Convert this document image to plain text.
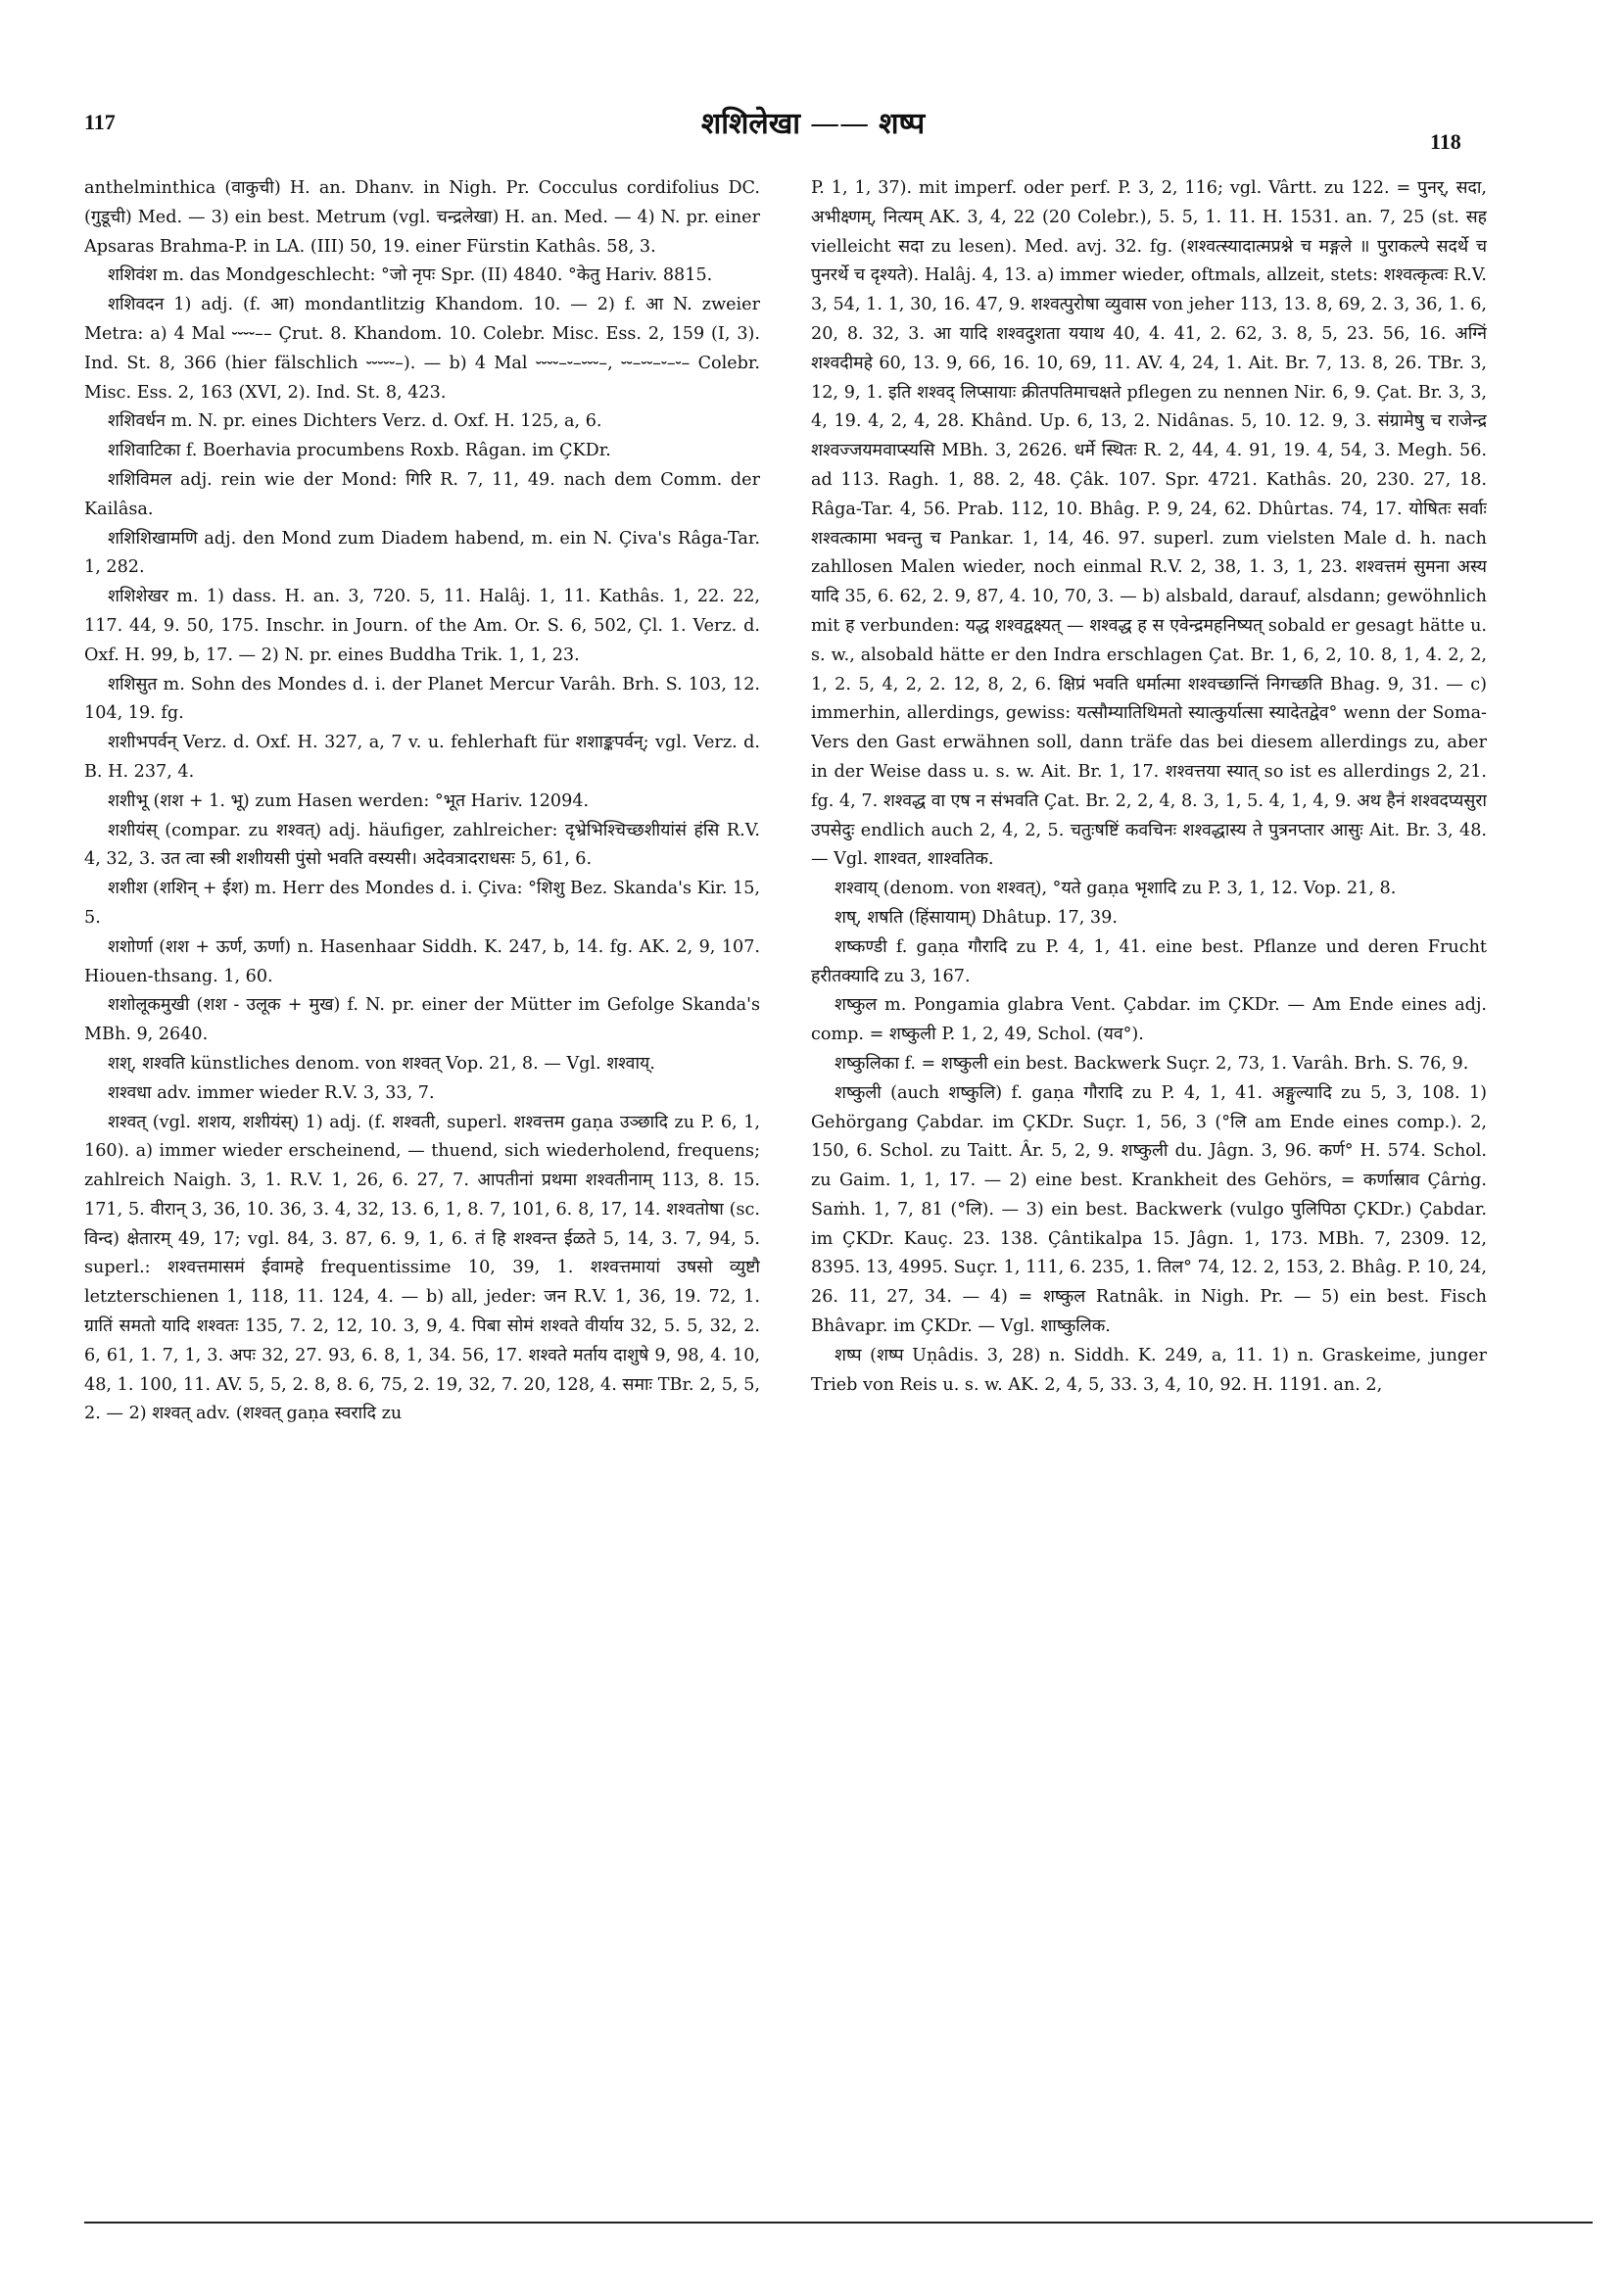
117	शशिलेखा —— शष्प
118

anthelminthica (वाकुची) H. an. Dhanv. in Nigh. Pr. Cocculus cordifolius DC. (गुडूची) Med. — 3) ein best. Metrum (vgl. चन्द्रलेखा) H. an. Med. — 4) N. pr. einer Apsaras Brahma-P. in LA. (III) 50, 19. einer Fürstin Kathâs. 58, 3.

शशिवंश m. das Mondgeschlecht: °जो नृपः Spr. (II) 4840. °केतु Hariv. 8815.

शशिवदन 1) adj. (f. आ) mondantlitzig Khandom. 10. — 2) f. आ N. zweier Metra: a) 4 Mal ⏑⏑⏑⏑–– Çrut. 8. Khandom. 10. Colebr. Misc. Ess. 2, 159 (I, 3). Ind. St. 8, 366 (hier fälschlich ⏑⏑⏑⏑⏑–). — b) 4 Mal ⏑⏑⏑⏑–⏑–⏑⏑⏑–, ⏑⏑–⏑⏑–⏑–⏑– Colebr. Misc. Ess. 2, 163 (XVI, 2). Ind. St. 8, 423.

शशिवर्धन m. N. pr. eines Dichters Verz. d. Oxf. H. 125, a, 6.

शशिवाटिका f. Boerhavia procumbens Roxb. Râgan. im ÇKDr.

शशिविमल adj. rein wie der Mond: गिरि R. 7, 11, 49. nach dem Comm. der Kailâsa.

शशिशिखामणि adj. den Mond zum Diadem habend, m. ein N. Çiva's Râga-Tar. 1, 282.

शशिशेखर m. 1) dass. H. an. 3, 720. 5, 11. Halâj. 1, 11. Kathâs. 1, 22. 22, 117. 44, 9. 50, 175. Inschr. in Journ. of the Am. Or. S. 6, 502, Çl. 1. Verz. d. Oxf. H. 99, b, 17. — 2) N. pr. eines Buddha Trik. 1, 1, 23.

शशिसुत m. Sohn des Mondes d. i. der Planet Mercur Varâh. Brh. S. 103, 12. 104, 19. fg.

शशीभपर्वन् Verz. d. Oxf. H. 327, a, 7 v. u. fehlerhaft für शशाङ्कपर्वन्; vgl. Verz. d. B. H. 237, 4.

शशीभू (शश + 1. भू) zum Hasen werden: °भूत Hariv. 12094.

शशीयंस् (compar. zu शश्वत्) adj. häufiger, zahlreicher: दृभ्रेभिश्चिच्छशीयांसं हंसि R.V. 4, 32, 3. उत त्वा स्त्री शशीयसी पुंसो भवति वस्यसी। अदेवत्रादराधसः 5, 61, 6.

शशीश (शशिन् + ईश) m. Herr des Mondes d. i. Çiva: °शिशु Bez. Skanda's Kir. 15, 5.

शशोर्णा (शश + ऊर्ण, ऊर्णा) n. Hasenhaar Siddh. K. 247, b, 14. fg. AK. 2, 9, 107. Hiouen-thsang. 1, 60.

शशोलूकमुखी (शश - उलूक + मुख) f. N. pr. einer der Mütter im Gefolge Skanda's MBh. 9, 2640.

शश्, शश्वति künstliches denom. von शश्वत् Vop. 21, 8. — Vgl. शश्वाय्.

शश्वधा adv. immer wieder R.V. 3, 33, 7.

शश्वत् (vgl. शशय, शशीयंस्) 1) adj. (f. शश्वती, superl. शश्वत्तम gaṇa उञ्छादि zu P. 6, 1, 160). a) immer wieder erscheinend, — thuend, sich wiederholend, frequens; zahlreich Naigh. 3, 1. R.V. 1, 26, 6. 27, 7. आपतीनां प्रथमा शश्वतीनाम् 113, 8. 15. 171, 5. वीरान् 3, 36, 10. 36, 3. 4, 32, 13. 6, 1, 8. 7, 101, 6. 8, 17, 14. शश्वतोषा (sc. विन्द) क्षेतारम् 49, 17; vgl. 84, 3. 87, 6. 9, 1, 6. तं हि शश्वन्त ईळते 5, 14, 3. 7, 94, 5. superl.: शश्वत्तमासमं ईवामहे frequentissime 10, 39, 1. शश्वत्तमायां उषसो व्युष्टौ letzterschienen 1, 118, 11. 124, 4. — b) all, jeder: जन R.V. 1, 36, 19. 72, 1. ग्रातिं समतो यादि शश्वतः 135, 7. 2, 12, 10. 3, 9, 4. पिबा सोमं शश्वते वीर्याय 32, 5. 5, 32, 2. 6, 61, 1. 7, 1, 3. अपः 32, 27. 93, 6. 8, 1, 34. 56, 17. शश्वते मर्ताय दाशुषे 9, 98, 4. 10, 48, 1. 100, 11. AV. 5, 5, 2. 8, 8. 6, 75, 2. 19, 32, 7. 20, 128, 4. समाः TBr. 2, 5, 5, 2. — 2) शश्वत् adv. (शश्वत् gaṇa स्वरादि zu

P. 1, 1, 37). mit imperf. oder perf. P. 3, 2, 116; vgl. Vârtt. zu 122. = पुनर्, सदा, अभीक्ष्णम्, नित्यम् AK. 3, 4, 22 (20 Colebr.), 5. 5, 1. 11. H. 1531. an. 7, 25 (st. सह vielleicht सदा zu lesen). Med. avj. 32. fg. (शश्वत्स्यादात्मप्रश्ने च मङ्गले ॥ पुराकल्पे सदर्थे च पुनरर्थे च दृश्यते). Halâj. 4, 13. a) immer wieder, oftmals, allzeit, stets: शश्वत्कृत्वः R.V. 3, 54, 1. 1, 30, 16. 47, 9. शश्वत्पुरोषा व्युवास von jeher 113, 13. 8, 69, 2. 3, 36, 1. 6, 20, 8. 32, 3. आ यादि शश्वदुशता ययाथ 40, 4. 41, 2. 62, 3. 8, 5, 23. 56, 16. अग्निं शश्वदीमहे 60, 13. 9, 66, 16. 10, 69, 11. AV. 4, 24, 1. Ait. Br. 7, 13. 8, 26. TBr. 3, 12, 9, 1. इति शश्वद् लिप्सायाः क्रीतपतिमाचक्षते pflegen zu nennen Nir. 6, 9. Çat. Br. 3, 3, 4, 19. 4, 2, 4, 28. Khând. Up. 6, 13, 2. Nidânas. 5, 10. 12. 9, 3. संग्रामेषु च राजेन्द्र शश्वज्जयमवाप्स्यसि MBh. 3, 2626. धर्मे स्थितः R. 2, 44, 4. 91, 19. 4, 54, 3. Megh. 56. ad 113. Ragh. 1, 88. 2, 48. Çâk. 107. Spr. 4721. Kathâs. 20, 230. 27, 18. Râga-Tar. 4, 56. Prab. 112, 10. Bhâg. P. 9, 24, 62. Dhûrtas. 74, 17. योषितः सर्वाः शश्वत्कामा भवन्तु च Pankar. 1, 14, 46. 97. superl. zum vielsten Male d. h. nach zahllosen Malen wieder, noch einmal R.V. 2, 38, 1. 3, 1, 23. शश्वत्तमं सुमना अस्य यादि 35, 6. 62, 2. 9, 87, 4. 10, 70, 3. — b) alsbald, darauf, alsdann; gewöhnlich mit ह verbunden: यद्ध शश्वद्वक्ष्यत् — शश्वद्ध ह स एवेन्द्रमहनिष्यत् sobald er gesagt hätte u. s. w., alsobald hätte er den Indra erschlagen Çat. Br. 1, 6, 2, 10. 8, 1, 4. 2, 2, 1, 2. 5, 4, 2, 2. 12, 8, 2, 6. क्षिप्रं भवति धर्मात्मा शश्वच्छान्तिं निगच्छति Bhag. 9, 31. — c) immerhin, allerdings, gewiss: यत्सौम्यातिथिमतो स्यात्कुर्यात्सा स्यादेतद्वेव° wenn der Soma-Vers den Gast erwähnen soll, dann träfe das bei diesem allerdings zu, aber in der Weise dass u. s. w. Ait. Br. 1, 17. शश्वत्तया स्यात् so ist es allerdings 2, 21. fg. 4, 7. शश्वद्ध वा एष न संभवति Çat. Br. 2, 2, 4, 8. 3, 1, 5. 4, 1, 4, 9. अथ हैनं शश्वदप्यसुरा उपसेदुः endlich auch 2, 4, 2, 5. चतुःषष्टिं कवचिनः शश्वद्धास्य ते पुत्रनप्तार आसुः Ait. Br. 3, 48. — Vgl. शाश्वत, शाश्वतिक.

शश्वाय् (denom. von शश्वत्), °यते gaṇa भृशादि zu P. 3, 1, 12. Vop. 21, 8.

शष्, शषति (हिंसायाम्) Dhâtup. 17, 39.

शष्कण्डी f. gaṇa गौरादि zu P. 4, 1, 41. eine best. Pflanze und deren Frucht हरीतक्यादि zu 3, 167.

शष्कुल m. Pongamia glabra Vent. Çabdar. im ÇKDr. — Am Ende eines adj. comp. = शष्कुली P. 1, 2, 49, Schol. (यव°).

शष्कुलिका f. = शष्कुली ein best. Backwerk Suçr. 2, 73, 1. Varâh. Brh. S. 76, 9.

शष्कुली (auch शष्कुलि) f. gaṇa गौरादि zu P. 4, 1, 41. अङ्गुल्यादि zu 5, 3, 108. 1) Gehörgang Çabdar. im ÇKDr. Suçr. 1, 56, 3 (°लि am Ende eines comp.). 2, 150, 6. Schol. zu Taitt. Âr. 5, 2, 9. शष्कुली du. Jâgn. 3, 96. कर्ण° H. 574. Schol. zu Gaim. 1, 1, 17. — 2) eine best. Krankheit des Gehörs, = कर्णास्राव Çârṅg. Saṁh. 1, 7, 81 (°लि). — 3) ein best. Backwerk (vulgo पुलिपिठा ÇKDr.) Çabdar. im ÇKDr. Kauç. 23. 138. Çântikalpa 15. Jâgn. 1, 173. MBh. 7, 2309. 12, 8395. 13, 4995. Suçr. 1, 111, 6. 235, 1. तिल° 74, 12. 2, 153, 2. Bhâg. P. 10, 24, 26. 11, 27, 34. — 4) = शष्कुल Ratnâk. in Nigh. Pr. — 5) ein best. Fisch Bhâvapr. im ÇKDr. — Vgl. शाष्कुलिक.

शष्प (शष्प Uṇâdis. 3, 28) n. Siddh. K. 249, a, 11. 1) n. Graskeime, junger Trieb von Reis u. s. w. AK. 2, 4, 5, 33. 3, 4, 10, 92. H. 1191. an. 2,
